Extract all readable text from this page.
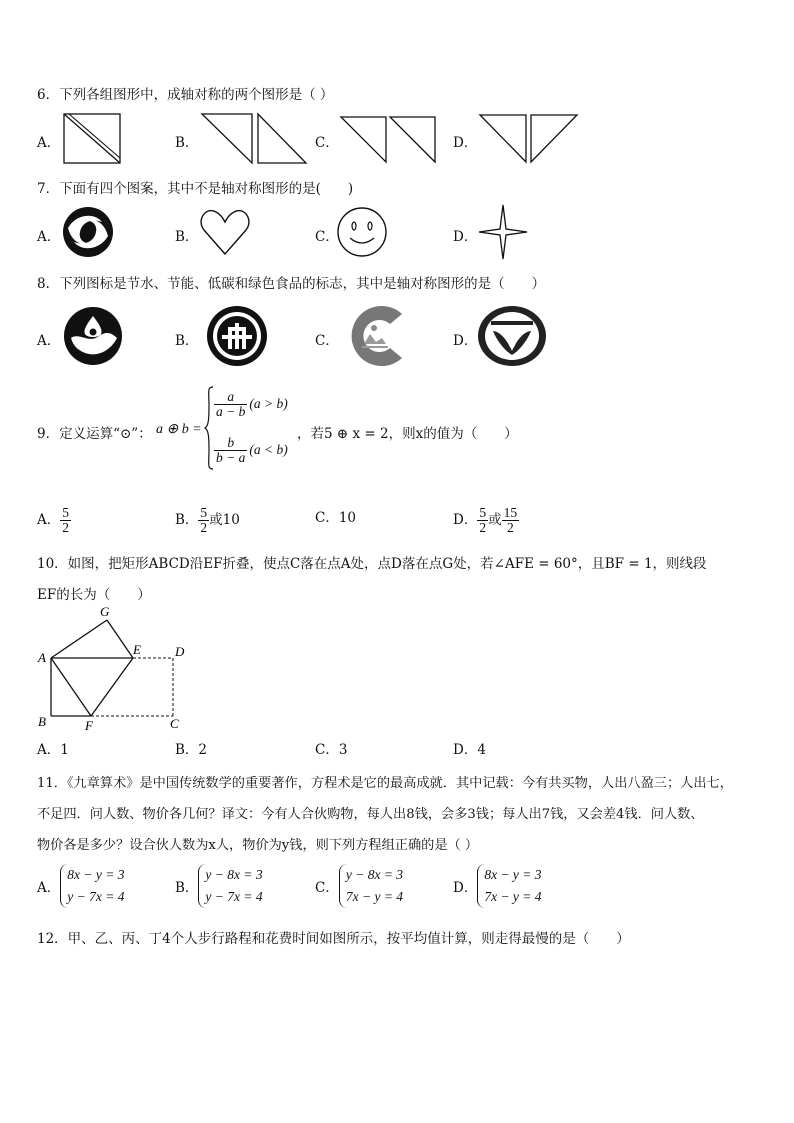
6．下列各组图形中，成轴对称的两个图形是（ ）
A．	B．	C．	D．
7．下面有四个图案，其中不是轴对称图形的是(　　)
A．	B．	C．	D．
8．下列图标是节水、节能、低碳和绿色食品的标志，其中是轴对称图形的是（　　）
A．	B．	C．	D．
9．定义运算“⊙”： a ⊕ b =
$\frac{a}{a - b} (a > b)$
$\frac{b}{b - a} (a < b)$
，若5 ⊕ x = 2，则x的值为（　　）
A． $\frac{5}{2}$	B． $\frac{5}{2}$ 或10	C．10	D． $\frac{5}{2}$ 或 $\frac{15}{2}$
10．如图，把矩形ABCD沿EF折叠，使点C落在点A处，点D落在点G处，若∠AFE = 60°，且BF = 1，则线段
EF的长为（　　）
G
A
E	D
B	F	C
A．1	B．2	C．3	D．4
11．《九章算术》是中国传统数学的重要著作，方程术是它的最高成就．其中记载：今有共买物，人出八盈三；人出七，
不足四．问人数、物价各几何？译文：今有人合伙购物，每人出8钱，会多3钱；每人出7钱，又会差4钱．问人数、
物价各是多少？设合伙人数为x人，物价为y钱，则下列方程组正确的是（ ）
A．
8x − y = 3
y − 7x = 4
B．
y − 8x = 3
y − 7x = 4
C．
y − 8x = 3
7x − y = 4
D．
8x − y = 3
7x − y = 4
12．甲、乙、丙、丁4个人步行路程和花费时间如图所示，按平均值计算，则走得最慢的是（　　）
